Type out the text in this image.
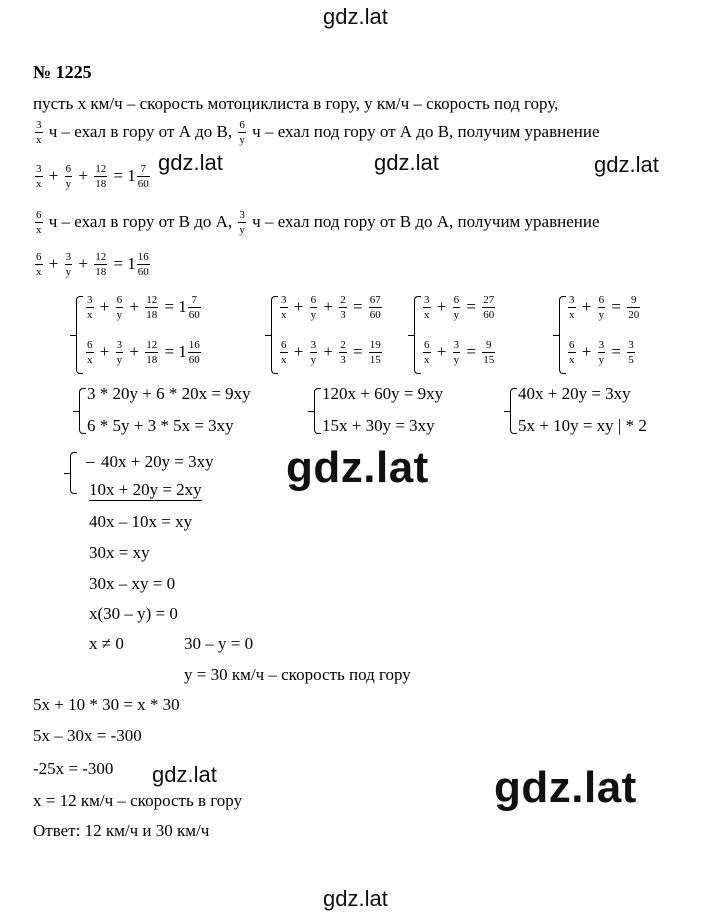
gdz.lat
gdz.lat	gdz.lat	gdz.lat
gdz.lat
gdz.lat	gdz.lat
gdz.lat
№ 1225
пусть x км/ч – скорость мотоциклиста в гору, y км/ч – скорость под гору,
$\frac{3}{x}$ ч – ехал в гору от А до В, $\frac{6}{y}$ ч – ехал под гору от А до В, получим уравнение
$\frac{3}{x} + \frac{6}{y} + \frac{12}{18} = 1 \frac{7}{60}$
$\frac{6}{x}$ ч – ехал в гору от В до А, $\frac{3}{y}$ ч – ехал под гору от В до А, получим уравнение
$\frac{6}{x} + \frac{3}{y} + \frac{12}{18} = 1 \frac{16}{60}$
$\frac{3}{x} + \frac{6}{y} + \frac{12}{18} = 1 \frac{7}{60}$
$\frac{6}{x} + \frac{3}{y} + \frac{12}{18} = 1 \frac{16}{60}$
$\frac{3}{x} + \frac{6}{y} + \frac{2}{3} = \frac{67}{60}$
$\frac{6}{x} + \frac{3}{y} + \frac{2}{3} = \frac{19}{15}$
$\frac{3}{x} + \frac{6}{y} = \frac{27}{60}$
$\frac{6}{x} + \frac{3}{y} = \frac{9}{15}$
$\frac{3}{x} + \frac{6}{y} = \frac{9}{20}$
$\frac{6}{x} + \frac{3}{y} = \frac{3}{5}$
3 * 20y + 6 * 20x = 9xy
6 * 5y + 3 * 5x = 3xy
120x + 60y = 9xy
15x + 30y = 3xy
40x + 20y = 3xy
5x + 10y = xy | * 2
_ 40x + 20y = 3xy
10x + 20y = 2xy
40x – 10x = xy
30x = xy
30x – xy = 0
x(30 – y) = 0
x ≠ 0	30 – y = 0
y = 30 км/ч – скорость под гору
5x + 10 * 30 = x * 30
5x – 30x = -300
-25x = -300
x = 12 км/ч – скорость в гору
Ответ: 12 км/ч и 30 км/ч
